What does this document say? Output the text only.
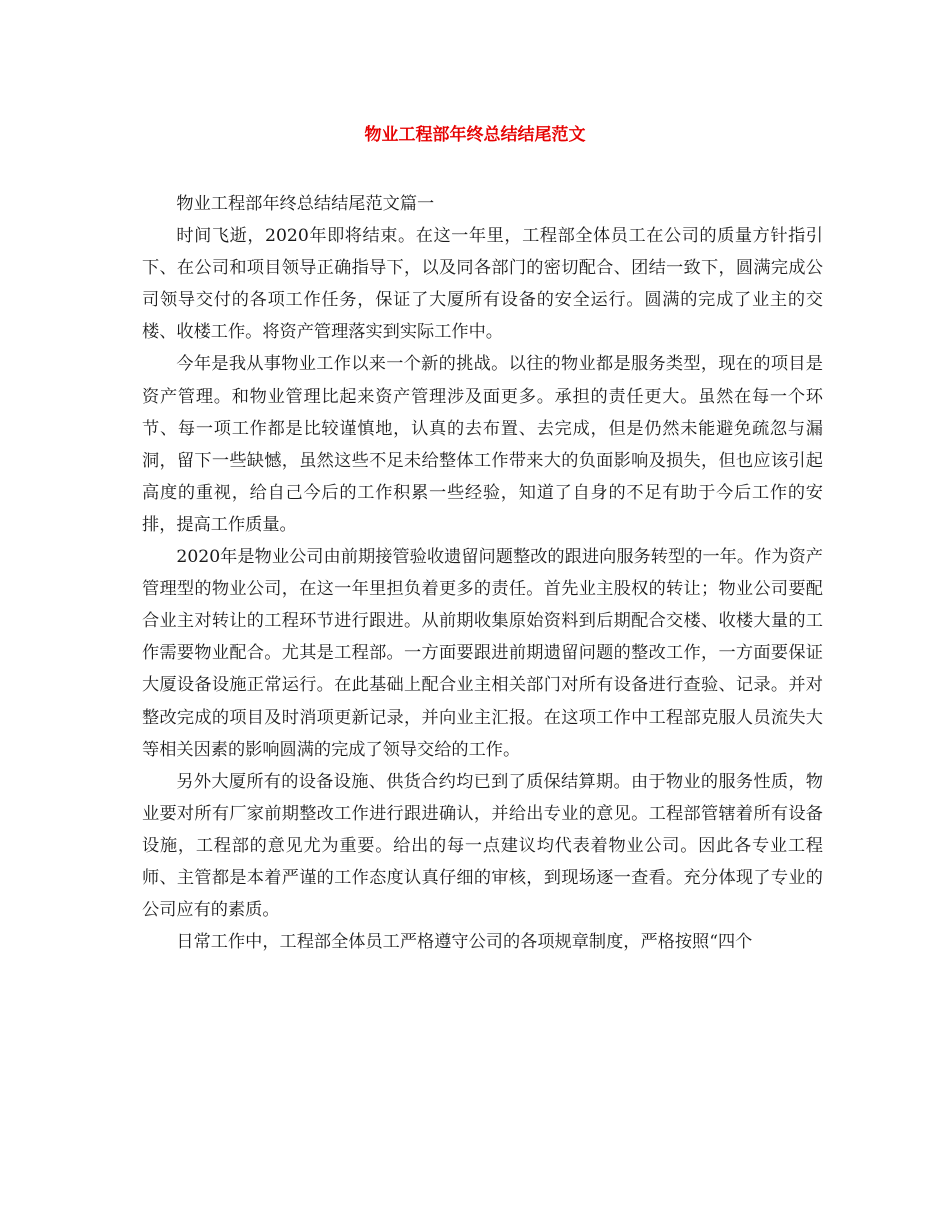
物业工程部年终总结结尾范文

物业工程部年终总结结尾范文篇一

时间飞逝，2020年即将结束。在这一年里，工程部全体员工在公司的质量方针指引下、在公司和项目领导正确指导下，以及同各部门的密切配合、团结一致下，圆满完成公司领导交付的各项工作任务，保证了大厦所有设备的安全运行。圆满的完成了业主的交楼、收楼工作。将资产管理落实到实际工作中。

今年是我从事物业工作以来一个新的挑战。以往的物业都是服务类型，现在的项目是资产管理。和物业管理比起来资产管理涉及面更多。承担的责任更大。虽然在每一个环节、每一项工作都是比较谨慎地，认真的去布置、去完成，但是仍然未能避免疏忽与漏洞，留下一些缺憾，虽然这些不足未给整体工作带来大的负面影响及损失，但也应该引起高度的重视，给自己今后的工作积累一些经验，知道了自身的不足有助于今后工作的安排，提高工作质量。

2020年是物业公司由前期接管验收遗留问题整改的跟进向服务转型的一年。作为资产管理型的物业公司，在这一年里担负着更多的责任。首先业主股权的转让；物业公司要配合业主对转让的工程环节进行跟进。从前期收集原始资料到后期配合交楼、收楼大量的工作需要物业配合。尤其是工程部。一方面要跟进前期遗留问题的整改工作，一方面要保证大厦设备设施正常运行。在此基础上配合业主相关部门对所有设备进行查验、记录。并对整改完成的项目及时消项更新记录，并向业主汇报。在这项工作中工程部克服人员流失大等相关因素的影响圆满的完成了领导交给的工作。

另外大厦所有的设备设施、供货合约均已到了质保结算期。由于物业的服务性质，物业要对所有厂家前期整改工作进行跟进确认，并给出专业的意见。工程部管辖着所有设备设施，工程部的意见尤为重要。给出的每一点建议均代表着物业公司。因此各专业工程师、主管都是本着严谨的工作态度认真仔细的审核，到现场逐一查看。充分体现了专业的公司应有的素质。

日常工作中，工程部全体员工严格遵守公司的各项规章制度，严格按照“四个
